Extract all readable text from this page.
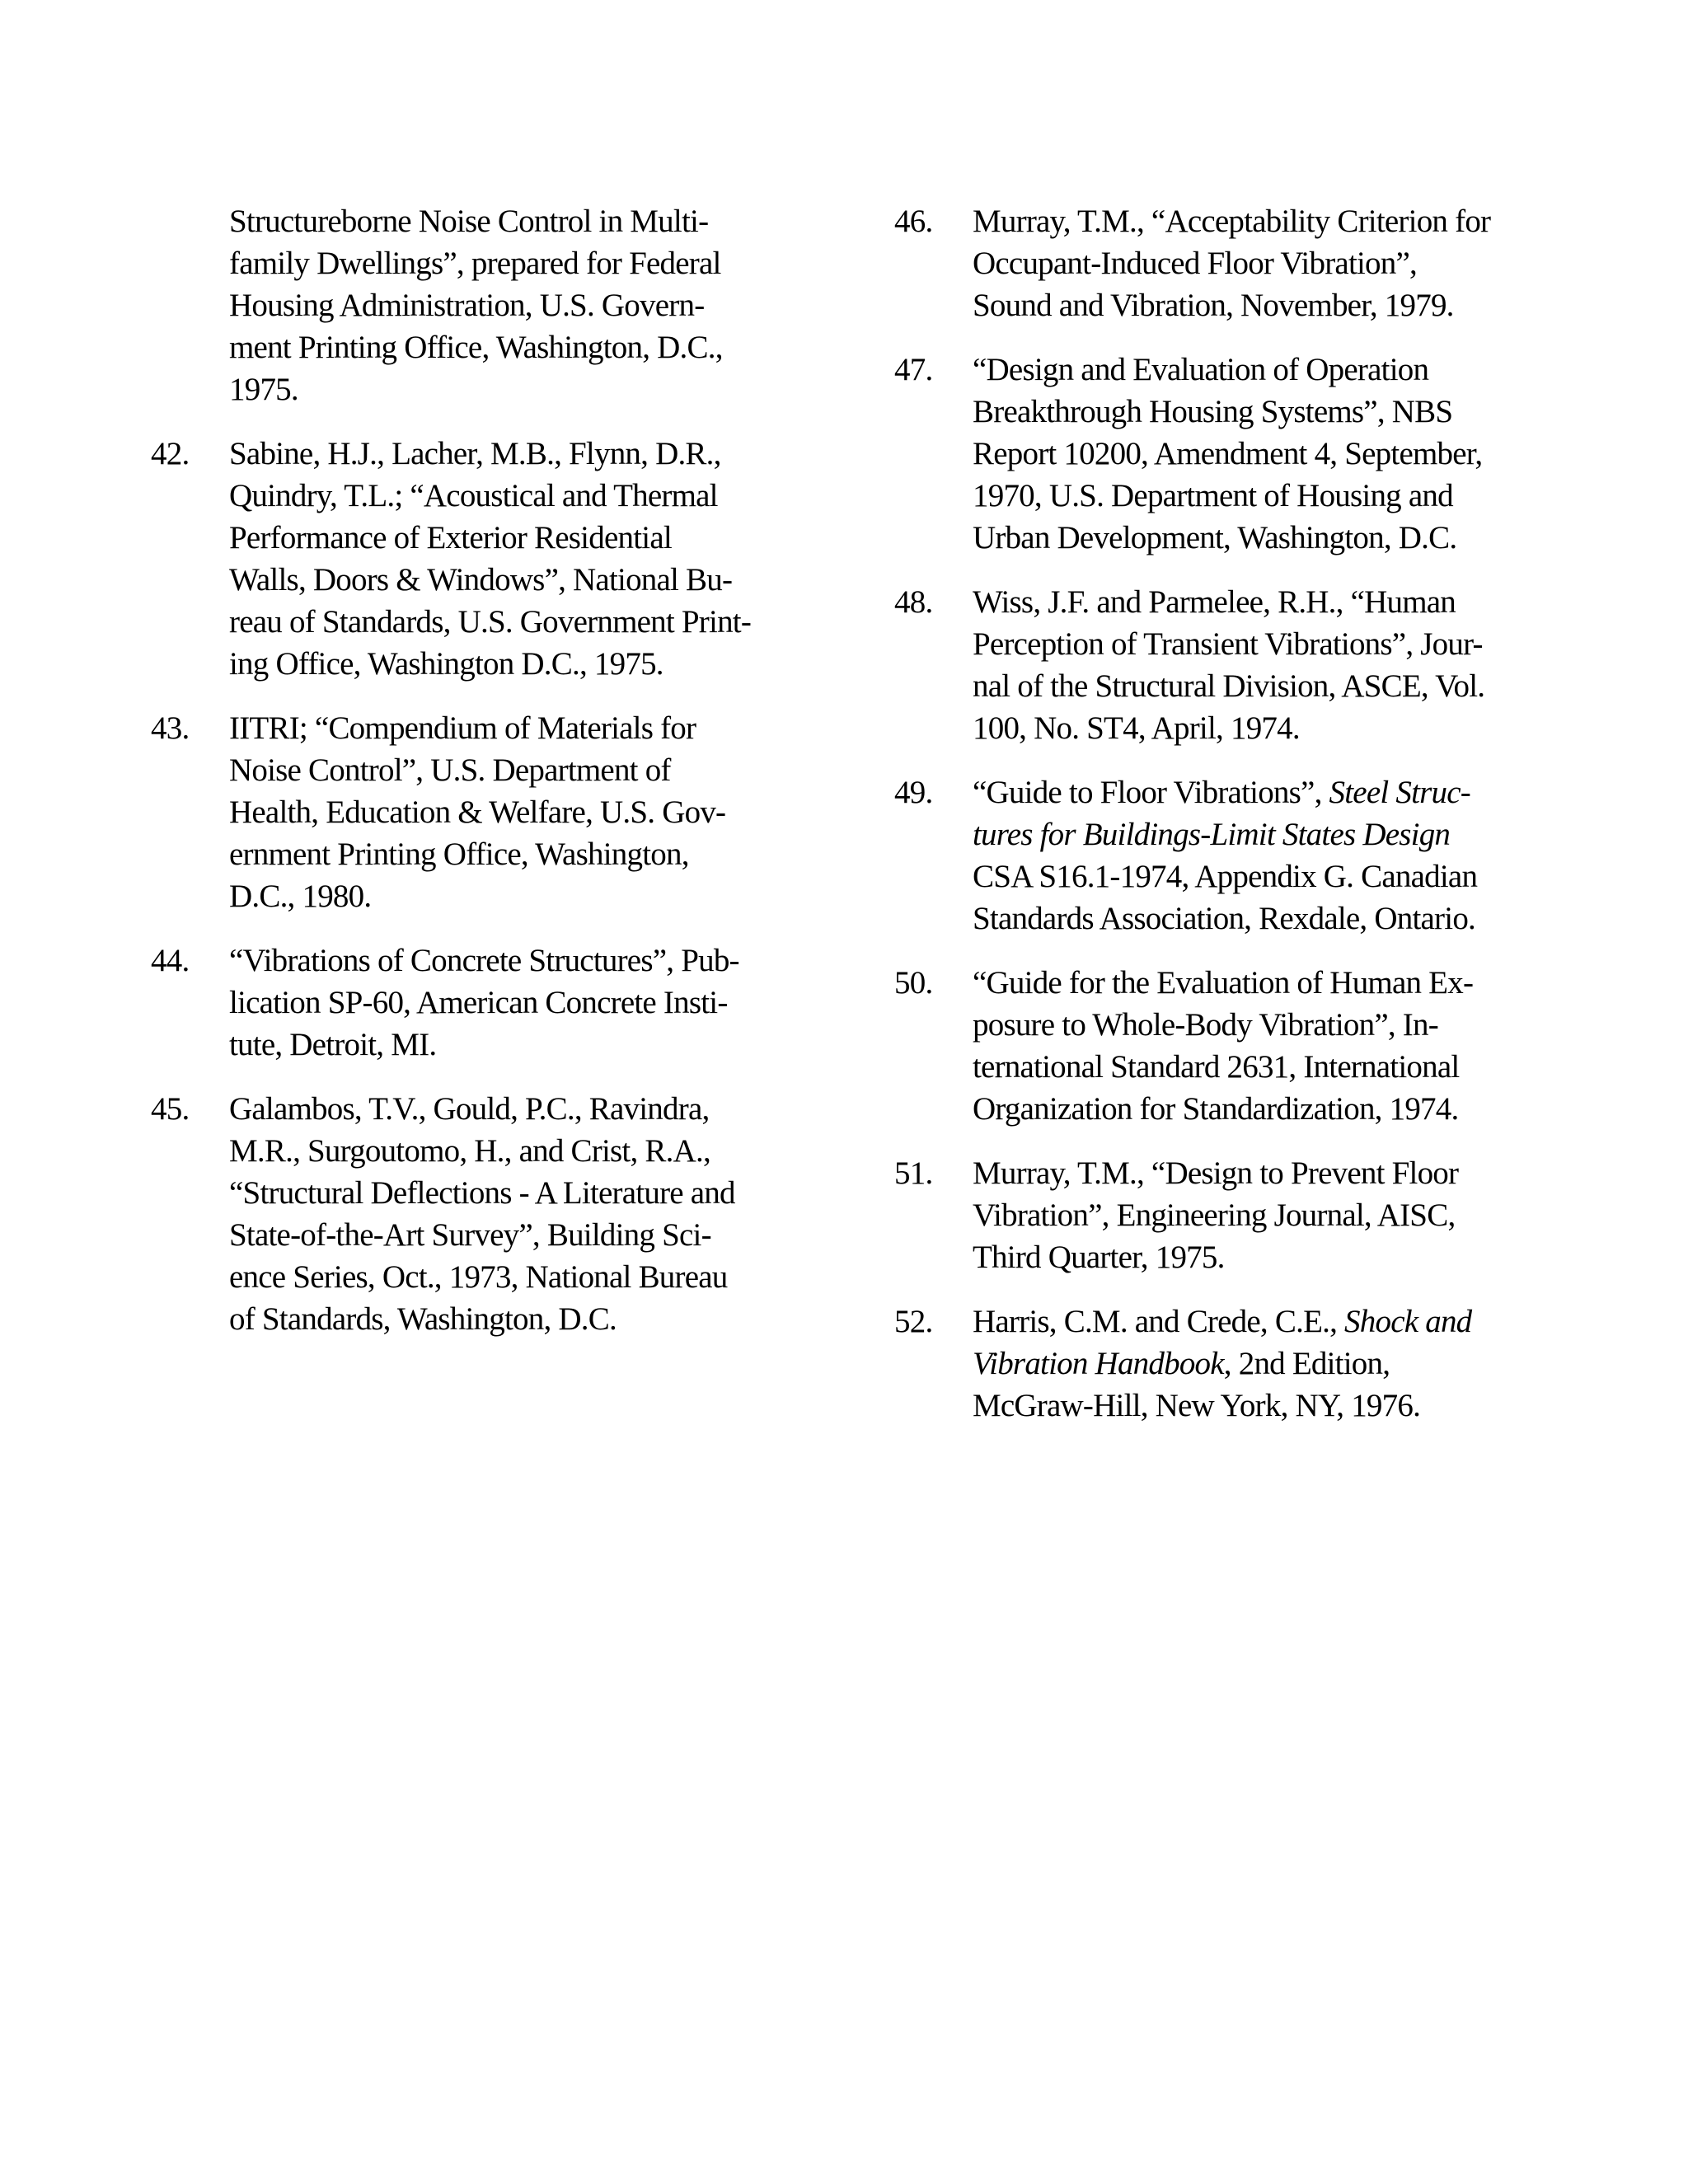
Structureborne Noise Control in Multi-
family Dwellings”, prepared for Federal
Housing Administration, U.S. Govern-
ment Printing Office, Washington, D.C.,
1975.
42.	Sabine, H.J., Lacher, M.B., Flynn, D.R.,
Quindry, T.L.; “Acoustical and Thermal
Performance of Exterior Residential
Walls, Doors & Windows”, National Bu-
reau of Standards, U.S. Government Print-
ing Office, Washington D.C., 1975.
43.	IITRI; “Compendium of Materials for
Noise Control”, U.S. Department of
Health, Education & Welfare, U.S. Gov-
ernment Printing Office, Washington,
D.C., 1980.
44.	“Vibrations of Concrete Structures”, Pub-
lication SP-60, American Concrete Insti-
tute, Detroit, MI.
45.	Galambos, T.V., Gould, P.C., Ravindra,
M.R., Surgoutomo, H., and Crist, R.A.,
“Structural Deflections - A Literature and
State-of-the-Art Survey”, Building Sci-
ence Series, Oct., 1973, National Bureau
of Standards, Washington, D.C.
46.	Murray, T.M., “Acceptability Criterion for
Occupant-Induced Floor Vibration”,
Sound and Vibration, November, 1979.
47.	“Design and Evaluation of Operation
Breakthrough Housing Systems”, NBS
Report 10200, Amendment 4, September,
1970, U.S. Department of Housing and
Urban Development, Washington, D.C.
48.	Wiss, J.F. and Parmelee, R.H., “Human
Perception of Transient Vibrations”, Jour-
nal of the Structural Division, ASCE, Vol.
100, No. ST4, April, 1974.
49.	“Guide to Floor Vibrations”, Steel Struc-
tures for Buildings-Limit States Design
CSA S16.1-1974, Appendix G. Canadian
Standards Association, Rexdale, Ontario.
50.	“Guide for the Evaluation of Human Ex-
posure to Whole-Body Vibration”, In-
ternational Standard 2631, International
Organization for Standardization, 1974.
51.	Murray, T.M., “Design to Prevent Floor
Vibration”, Engineering Journal, AISC,
Third Quarter, 1975.
52.	Harris, C.M. and Crede, C.E., Shock and
Vibration Handbook, 2nd Edition,
McGraw-Hill, New York, NY, 1976.
